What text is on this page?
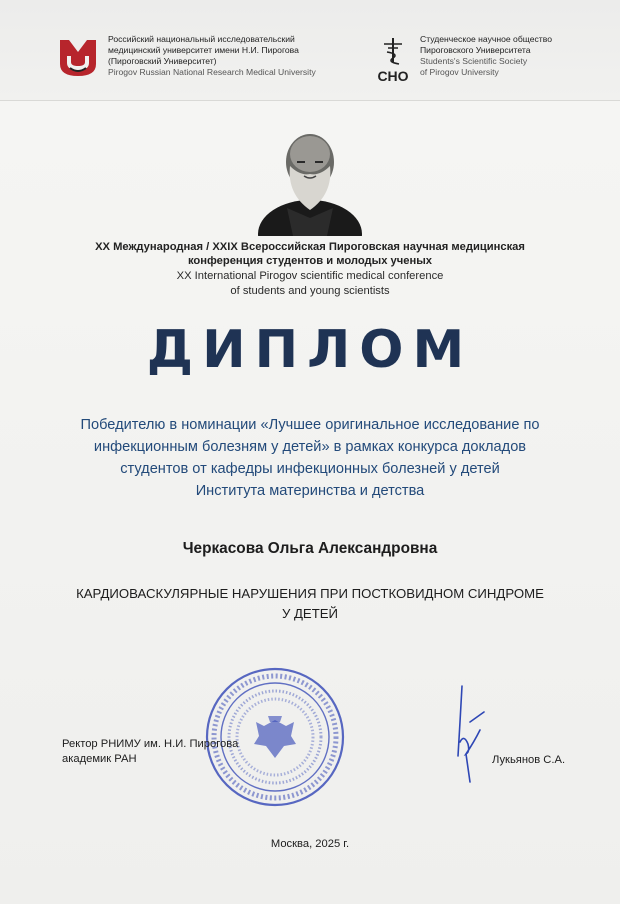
Российский национальный исследовательский
медицинский университет имени Н.И. Пирогова
(Пироговский Университет)
Pirogov Russian National Research Medical University	СНО
Студенческое научное общество
Пироговского Университета
Students's Scientific Society
of Pirogov University
XX Международная / XXIX Всероссийская Пироговская научная медицинская
конференция студентов и молодых ученых
XX International Pirogov scientific medical conference
of students and young scientists
ДИПЛОМ
Победителю в номинации «Лучшее оригинальное исследование по
инфекционным болезням у детей» в рамках конкурса докладов
студентов от кафедры инфекционных болезней у детей
Института материнства и детства
Черкасова Ольга Александровна
КАРДИОВАСКУЛЯРНЫЕ НАРУШЕНИЯ ПРИ ПОСТКОВИДНОМ СИНДРОМЕ
У ДЕТЕЙ
Ректор РНИМУ им. Н.И. Пирогова
академик РАН	Лукьянов С.А.
Москва, 2025 г.
